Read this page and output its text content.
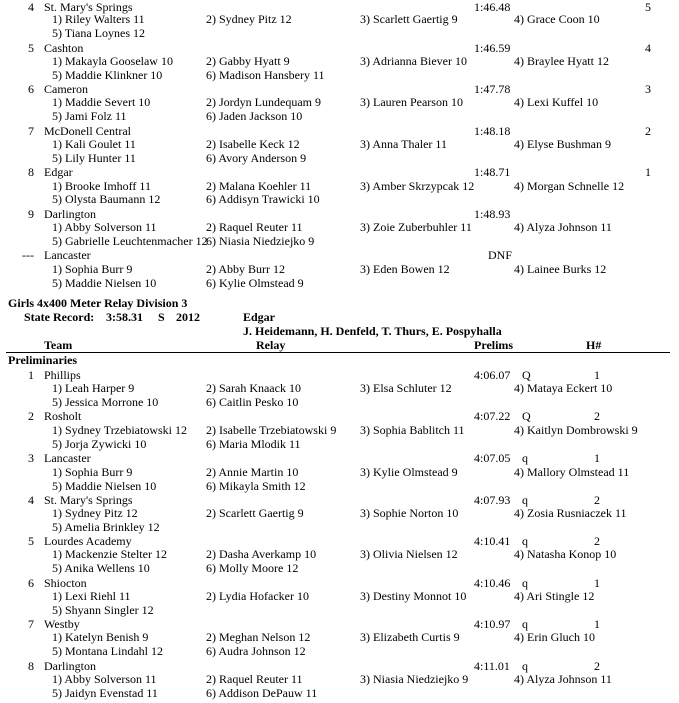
4 St. Mary's Springs	1:46.48	5
1) Riley Walters 11	2) Sydney Pitz 12	3) Scarlett Gaertig 9	4) Grace Coon 10
5) Tiana Loynes 12
5 Cashton	1:46.59	4
1) Makayla Gooselaw 10	2) Gabby Hyatt 9	3) Adrianna Biever 10	4) Braylee Hyatt 12
5) Maddie Klinkner 10	6) Madison Hansbery 11
6 Cameron	1:47.78	3
1) Maddie Severt 10	2) Jordyn Lundequam 9	3) Lauren Pearson 10	4) Lexi Kuffel 10
5) Jami Folz 11	6) Jaden Jackson 10
7 McDonell Central	1:48.18	2
1) Kali Goulet 11	2) Isabelle Keck 12	3) Anna Thaler 11	4) Elyse Bushman 9
5) Lily Hunter 11	6) Avory Anderson 9
8 Edgar	1:48.71	1
1) Brooke Imhoff 11	2) Malana Koehler 11	3) Amber Skrzypcak 12	4) Morgan Schnelle 12
5) Olysta Baumann 12	6) Addisyn Trawicki 10
9 Darlington	1:48.93
1) Abby Solverson 11	2) Raquel Reuter 11	3) Zoie Zuberbuhler 11	4) Alyza Johnson 11
5) Gabrielle Leuchtenmacher 12
6) Niasia Niedziejko 9
--- Lancaster	DNF
1) Sophia Burr 9	2) Abby Burr 12	3) Eden Bowen 12	4) Lainee Burks 12
5) Maddie Nielsen 10	6) Kylie Olmstead 9
Girls 4x400 Meter Relay Division 3
State Record: 3:58.31 S 2012	Edgar
J. Heidemann, H. Denfeld, T. Thurs, E. Pospyhalla
Team	Relay	Prelims	H#
Preliminaries
1 Phillips	4:06.07 Q	1
1) Leah Harper 9	2) Sarah Knaack 10	3) Elsa Schluter 12	4) Mataya Eckert 10
5) Jessica Morrone 10	6) Caitlin Pesko 10
2 Rosholt	4:07.22 Q	2
1) Sydney Trzebiatowski 12 2) Isabelle Trzebiatowski 9 3) Sophia Bablitch 11	4) Kaitlyn Dombrowski 9
5) Jorja Zywicki 10	6) Maria Mlodik 11
3 Lancaster	4:07.05 q	1
1) Sophia Burr 9	2) Annie Martin 10	3) Kylie Olmstead 9	4) Mallory Olmstead 11
5) Maddie Nielsen 10	6) Mikayla Smith 12
4 St. Mary's Springs	4:07.93 q	2
1) Sydney Pitz 12	2) Scarlett Gaertig 9	3) Sophie Norton 10	4) Zosia Rusniaczek 11
5) Amelia Brinkley 12
5 Lourdes Academy	4:10.41 q	2
1) Mackenzie Stelter 12	2) Dasha Averkamp 10	3) Olivia Nielsen 12	4) Natasha Konop 10
5) Anika Wellens 10	6) Molly Moore 12
6 Shiocton	4:10.46 q	1
1) Lexi Riehl 11	2) Lydia Hofacker 10	3) Destiny Monnot 10	4) Ari Stingle 12
5) Shyann Singler 12
7 Westby	4:10.97 q	1
1) Katelyn Benish 9	2) Meghan Nelson 12	3) Elizabeth Curtis 9	4) Erin Gluch 10
5) Montana Lindahl 12	6) Audra Johnson 12
8 Darlington	4:11.01 q	2
1) Abby Solverson 11	2) Raquel Reuter 11	3) Niasia Niedziejko 9	4) Alyza Johnson 11
5) Jaidyn Evenstad 11	6) Addison DePauw 11
